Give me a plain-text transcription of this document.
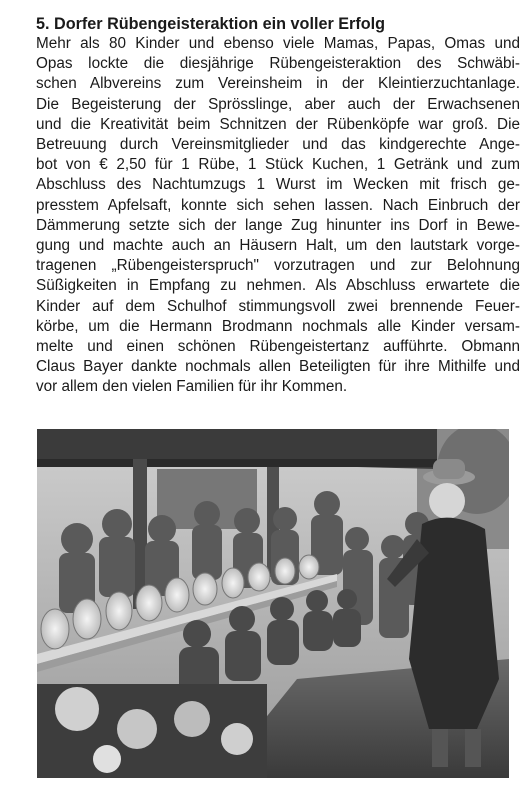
5. Dorfer Rübengeisteraktion ein voller Erfolg
Mehr als 80 Kinder und ebenso viele Mamas, Papas, Omas und
Opas lockte die diesjährige Rübengeisteraktion des Schwäbi-
schen Albvereins zum Vereinsheim in der Kleintierzuchtanlage.
Die Begeisterung der Sprösslinge, aber auch der Erwachsenen
und die Kreativität beim Schnitzen der Rübenköpfe war groß. Die
Betreuung durch Vereinsmitglieder und das kindgerechte Ange-
bot von € 2,50 für 1 Rübe, 1 Stück Kuchen, 1 Getränk und zum
Abschluss des Nachtumzugs 1 Wurst im Wecken mit frisch ge-
presstem Apfelsaft, konnte sich sehen lassen. Nach Einbruch der
Dämmerung setzte sich der lange Zug hinunter ins Dorf in Bewe-
gung und machte auch an Häusern Halt, um den lautstark vorge-
tragenen „Rübengeisterspruch" vorzutragen und zur Belohnung
Süßigkeiten in Empfang zu nehmen. Als Abschluss erwartete die
Kinder auf dem Schulhof stimmungsvoll zwei brennende Feuer-
körbe, um die Hermann Brodmann nochmals alle Kinder versam-
melte und einen schönen Rübengeistertanz aufführte. Obmann
Claus Bayer dankte nochmals allen Beteiligten für ihre Mithilfe und
vor allem den vielen Familien für ihr Kommen.
